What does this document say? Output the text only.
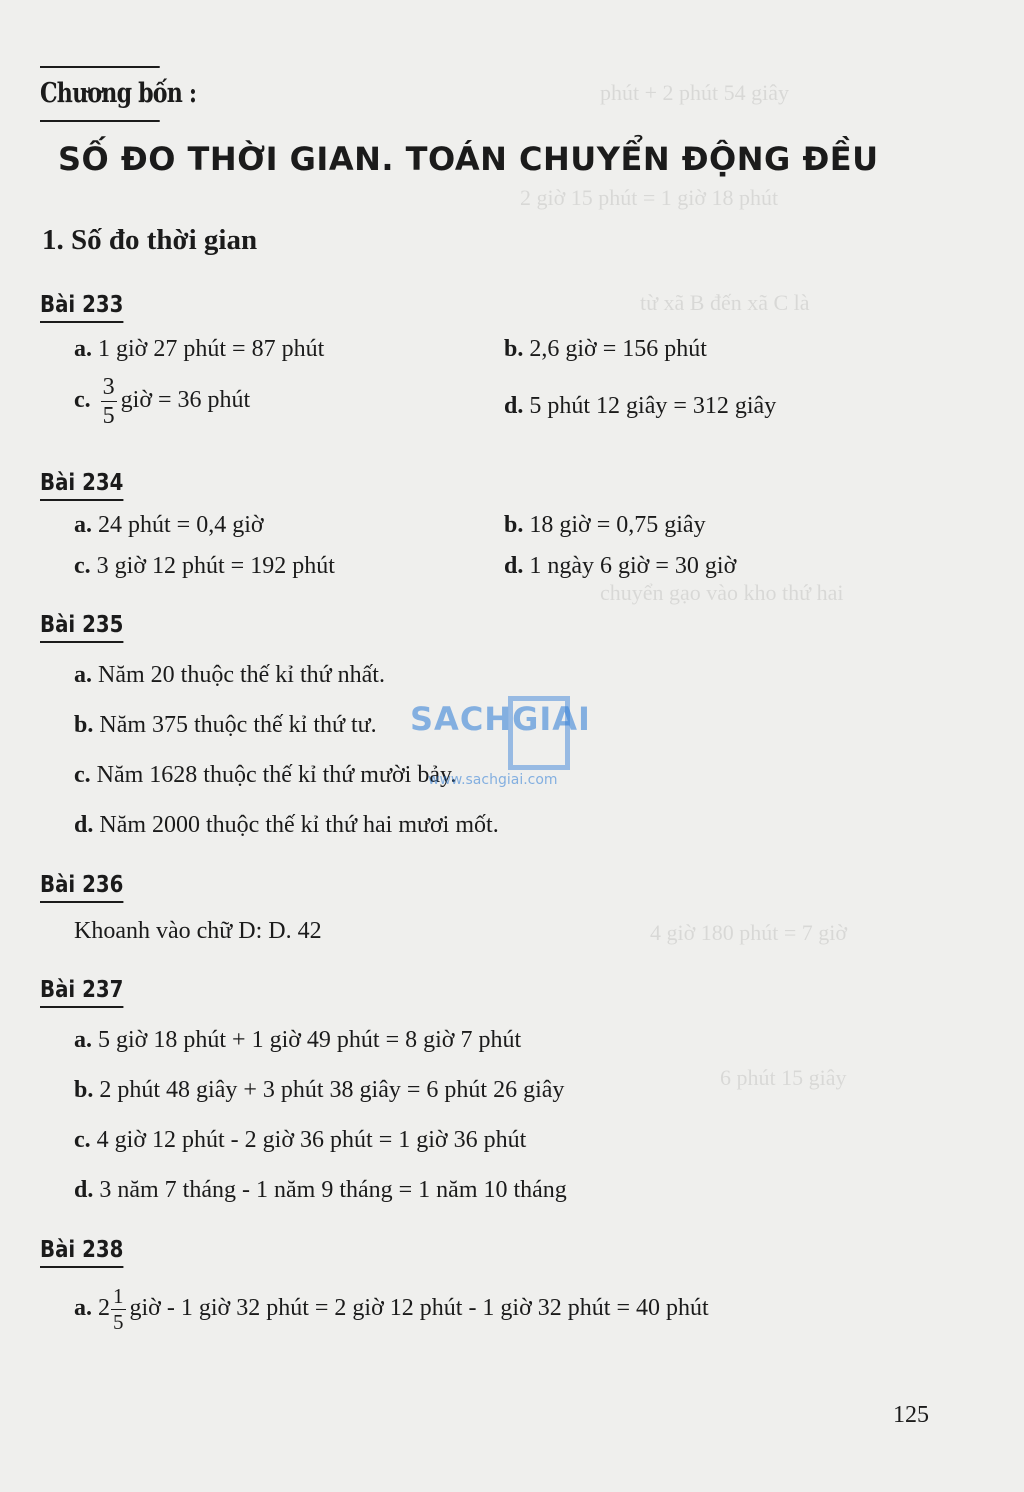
phút + 2 phút 54 giây
2 giờ 15 phút = 1 giờ 18 phút
từ xã B đến xã C là
chuyển gạo vào kho thứ hai
4 giờ 180 phút = 7 giờ
6 phút 15 giây
Chương bốn :
SỐ ĐO THỜI GIAN. TOÁN CHUYỂN ĐỘNG ĐỀU
1. Số đo thời gian
Bài 233
a. 1 giờ 27 phút = 87 phút	b. 2,6 giờ = 156 phút
c. $\frac{3}{5}$ giờ = 36 phút	d. 5 phút 12 giây = 312 giây
Bài 234
a. 24 phút = 0,4 giờ	b. 18 giờ = 0,75 giây
c. 3 giờ 12 phút = 192 phút	d. 1 ngày 6 giờ = 30 giờ
Bài 235
a. Năm 20 thuộc thế kỉ thứ nhất.
b. Năm 375 thuộc thế kỉ thứ tư.
c. Năm 1628 thuộc thế kỉ thứ mười bảy.
d. Năm 2000 thuộc thế kỉ thứ hai mươi mốt.
SACHGIAI
www.sachgiai.com
Bài 236
Khoanh vào chữ D: D. 42
Bài 237
a. 5 giờ 18 phút + 1 giờ 49 phút = 8 giờ 7 phút
b. 2 phút 48 giây + 3 phút 38 giây = 6 phút 26 giây
c. 4 giờ 12 phút - 2 giờ 36 phút = 1 giờ 36 phút
d. 3 năm 7 tháng - 1 năm 9 tháng = 1 năm 10 tháng
Bài 238
a. $2 \frac{1}{5}$ giờ - 1 giờ 32 phút = 2 giờ 12 phút - 1 giờ 32 phút = 40 phút
125
